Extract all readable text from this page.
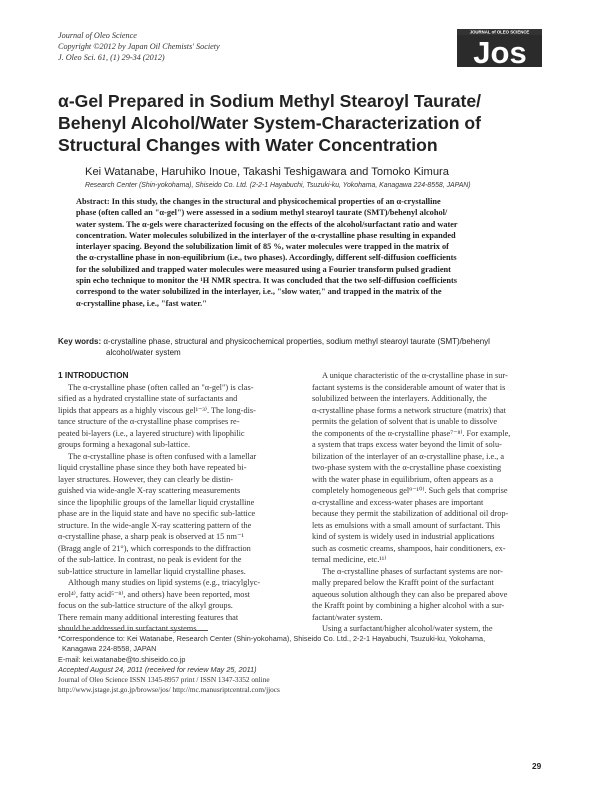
Journal of Oleo Science
Copyright ©2012 by Japan Oil Chemists' Society
J. Oleo Sci. 61, (1) 29-34 (2012)
JOURNAL of OLEO SCIENCE
Jos
α-Gel Prepared in Sodium Methyl Stearoyl Taurate/
Behenyl Alcohol/Water System-Characterization of
Structural Changes with Water Concentration
Kei Watanabe, Haruhiko Inoue, Takashi Teshigawara and Tomoko Kimura
Research Center (Shin-yokohama), Shiseido Co. Ltd. (2-2-1 Hayabuchi, Tsuzuki-ku, Yokohama, Kanagawa 224-8558, JAPAN)
Abstract: In this study, the changes in the structural and physicochemical properties of an α-crystalline
phase (often called an "α-gel") were assessed in a sodium methyl stearoyl taurate (SMT)/behenyl alcohol/
water system. The α-gels were characterized focusing on the effects of the alcohol/surfactant ratio and water
concentration. Water molecules solubilized in the interlayer of the α-crystalline phase resulting in expanded
interlayer spacing. Beyond the solubilization limit of 85 %, water molecules were trapped in the matrix of
the α-crystalline phase in non-equilibrium (i.e., two phases). Accordingly, different self-diffusion coefficients
for the solubilized and trapped water molecules were measured using a Fourier transform pulsed gradient
spin echo technique to monitor the ¹H NMR spectra. It was concluded that the two self-diffusion coefficients
correspond to the water solubilized in the interlayer, i.e., "slow water," and trapped in the matrix of the
α-crystalline phase, i.e., "fast water."
Key words: α-crystalline phase, structural and physicochemical properties, sodium methyl stearoyl taurate (SMT)/behenyl
alcohol/water system
1 INTRODUCTION
The α-crystalline phase (often called an "α-gel") is clas-
sified as a hydrated crystalline state of surfactants and
lipids that appears as a highly viscous gel¹⁻³⁾. The long-dis-
tance structure of the α-crystalline phase comprises re-
peated bi-layers (i.e., a layered structure) with lipophilic
groups forming a hexagonal sub-lattice.
The α-crystalline phase is often confused with a lamellar
liquid crystalline phase since they both have repeated bi-
layer structures. However, they can clearly be distin-
guished via wide-angle X-ray scattering measurements
since the lipophilic groups of the lamellar liquid crystalline
phase are in the liquid state and have no specific sub-lattice
structure. In the wide-angle X-ray scattering pattern of the
α-crystalline phase, a sharp peak is observed at 15 nm⁻¹
(Bragg angle of 21°), which corresponds to the diffraction
of the sub-lattice. In contrast, no peak is evident for the
sub-lattice structure in lamellar liquid crystalline phases.
Although many studies on lipid systems (e.g., triacylglyc-
erol⁴⁾, fatty acid⁵⁻⁸⁾, and others) have been reported, most
focus on the sub-lattice structure of the alkyl groups.
There remain many additional interesting features that
should be addressed in surfactant systems.
A unique characteristic of the α-crystalline phase in sur-
factant systems is the considerable amount of water that is
solubilized between the interlayers. Additionally, the
α-crystalline phase forms a network structure (matrix) that
permits the gelation of solvent that is unable to dissolve
the components of the α-crystalline phase⁷⁻⁸⁾. For example,
a system that traps excess water beyond the limit of solu-
bilization of the interlayer of an α-crystalline phase, i.e., a
two-phase system with the α-crystalline phase coexisting
with the water phase in equilibrium, often appears as a
completely homogeneous gel⁹⁻¹⁰⁾. Such gels that comprise
α-crystalline and excess-water phases are important
because they permit the stabilization of additional oil drop-
lets as emulsions with a small amount of surfactant. This
kind of system is widely used in industrial applications
such as cosmetic creams, shampoos, hair conditioners, ex-
ternal medicine, etc.¹¹⁾
The α-crystalline phases of surfactant systems are nor-
mally prepared below the Krafft point of the surfactant
aqueous solution although they can also be prepared above
the Krafft point by combining a higher alcohol with a sur-
factant/water system.
Using a surfactant/higher alcohol/water system, the
*Correspondence to: Kei Watanabe, Research Center (Shin-yokohama), Shiseido Co. Ltd., 2-2-1 Hayabuchi, Tsuzuki-ku, Yokohama,
Kanagawa 224-8558, JAPAN
E-mail: kei.watanabe@to.shiseido.co.jp
Accepted August 24, 2011 (received for review May 25, 2011)
Journal of Oleo Science ISSN 1345-8957 print / ISSN 1347-3352 online
http://www.jstage.jst.go.jp/browse/jos/ http://mc.manusriptcentral.com/jjocs
29
